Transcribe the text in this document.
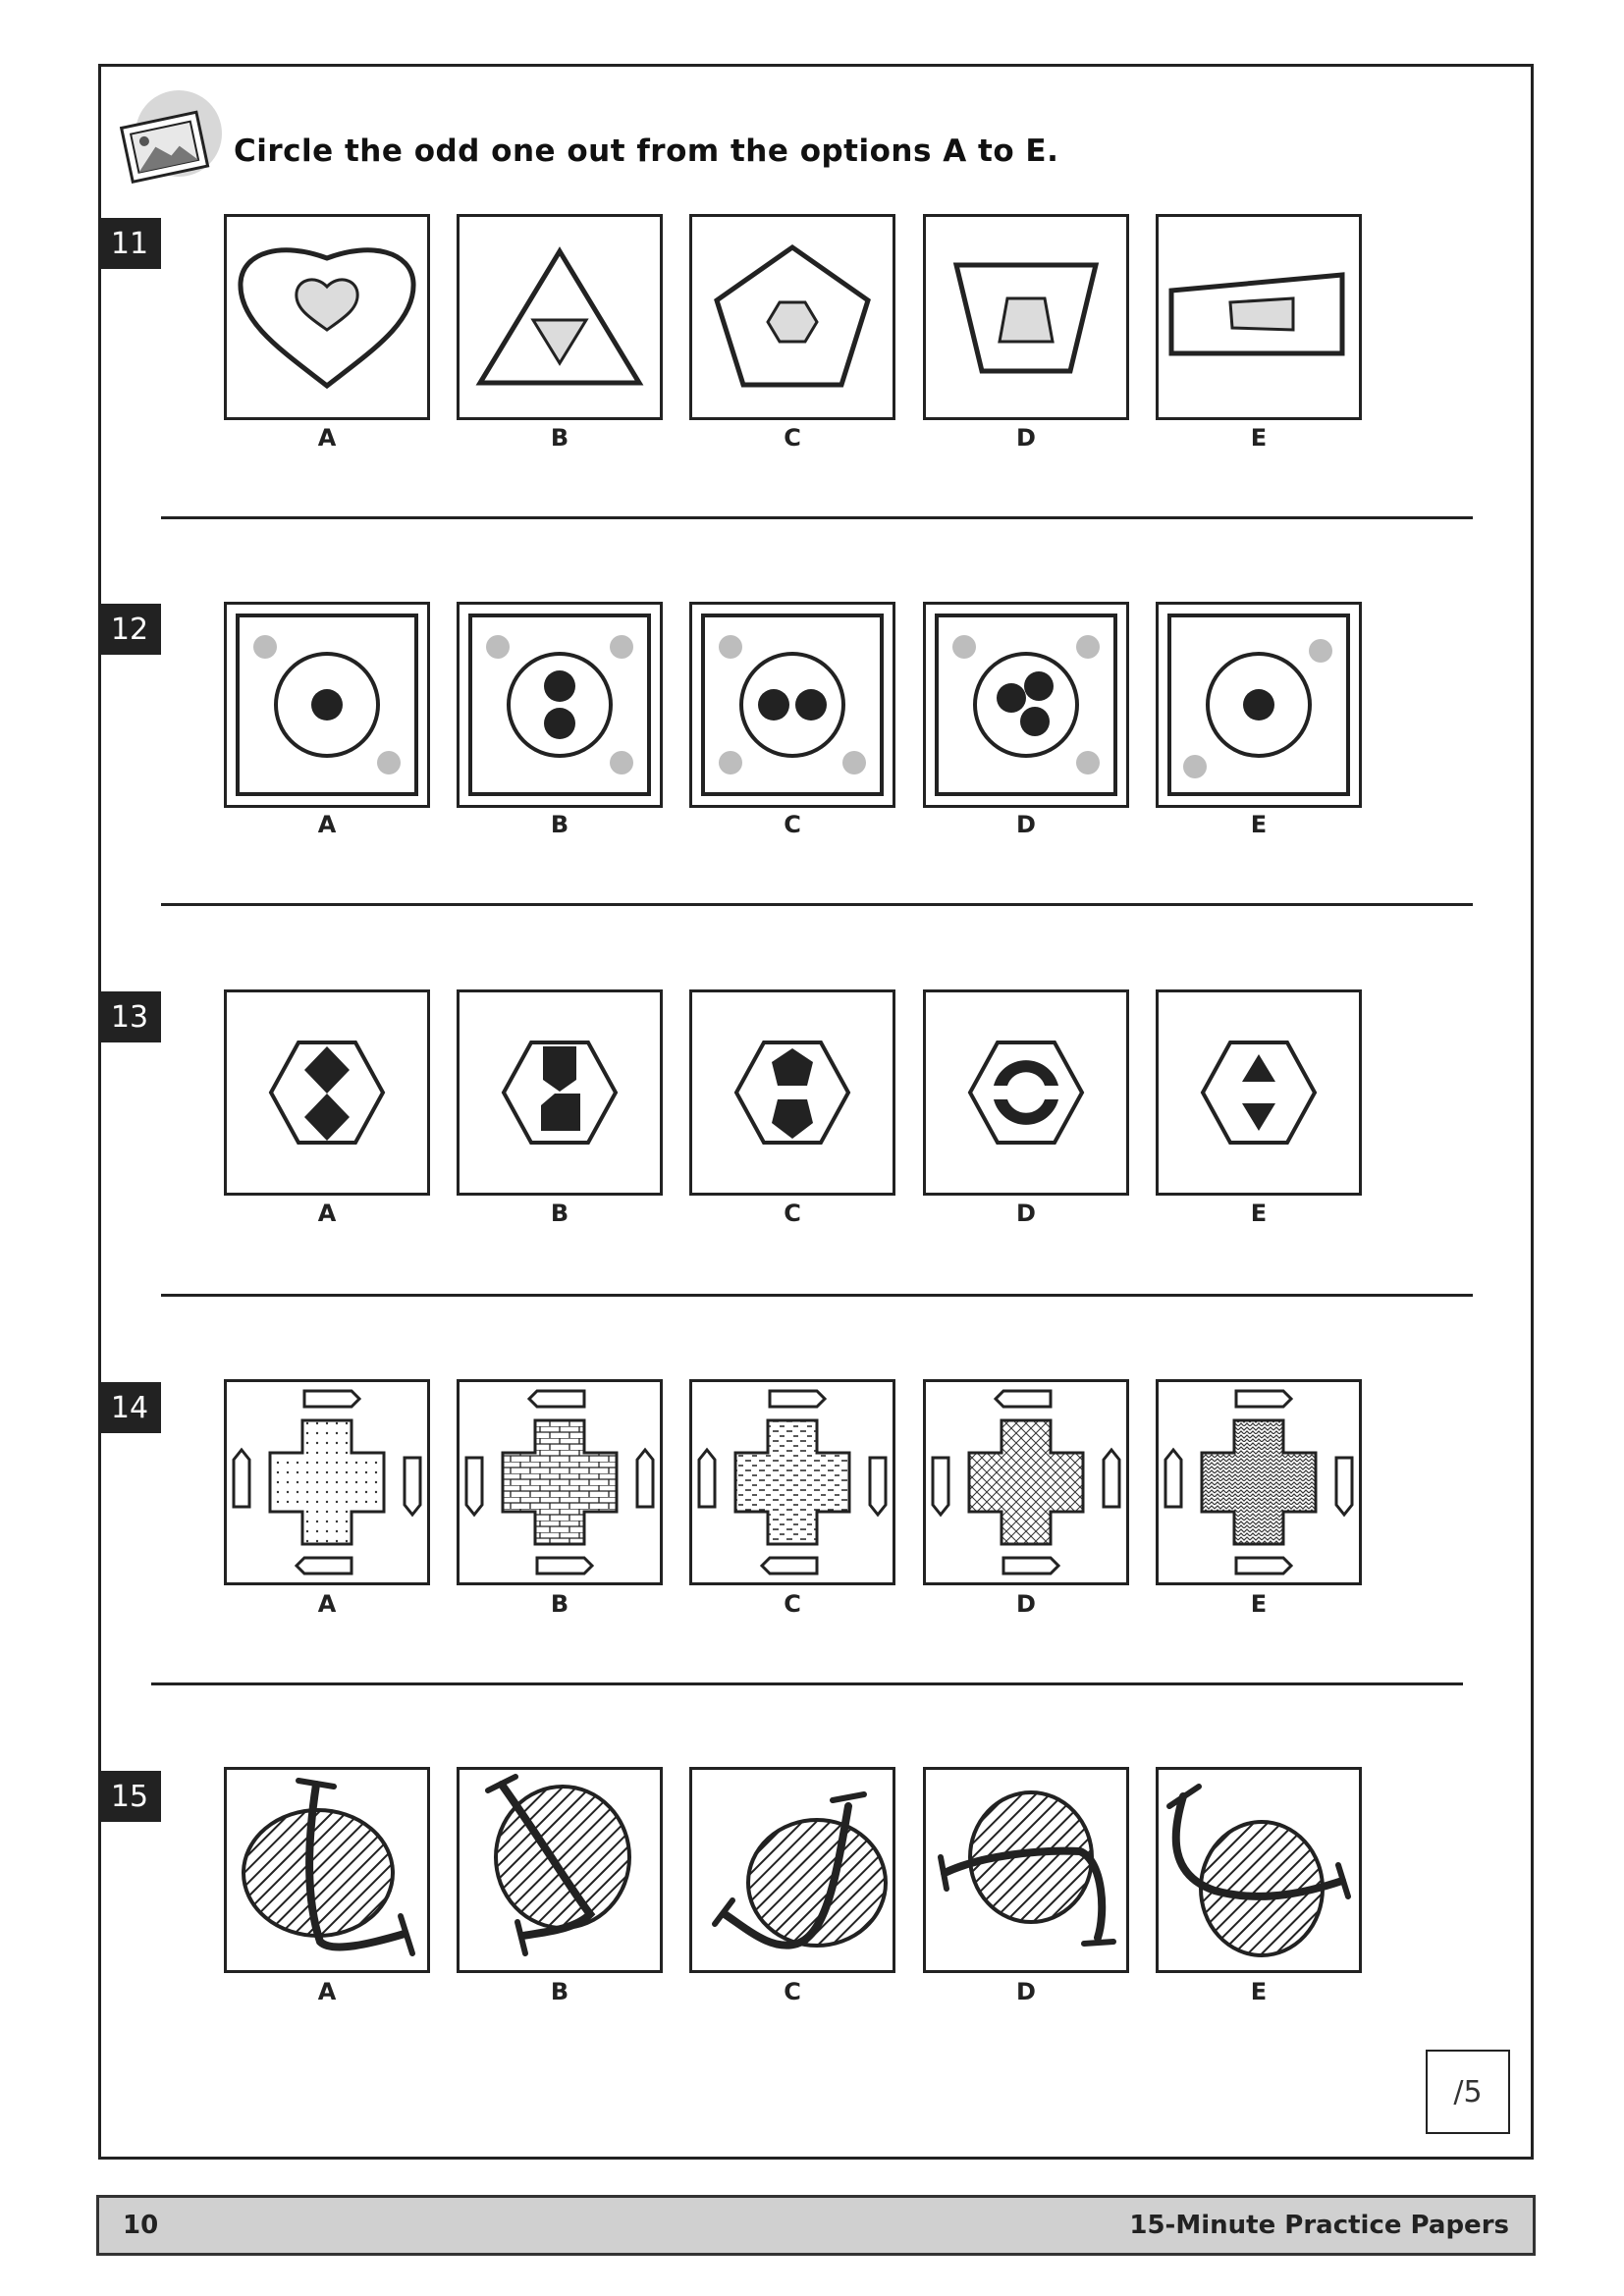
Circle the odd one out from the options A to E.
11
A	B	C	D	E
12
A	B	C	D	E
13
A	B	C	D	E
14
A	B	C	D	E
15
A	B	C	D	E
/5
10	15-Minute Practice Papers
